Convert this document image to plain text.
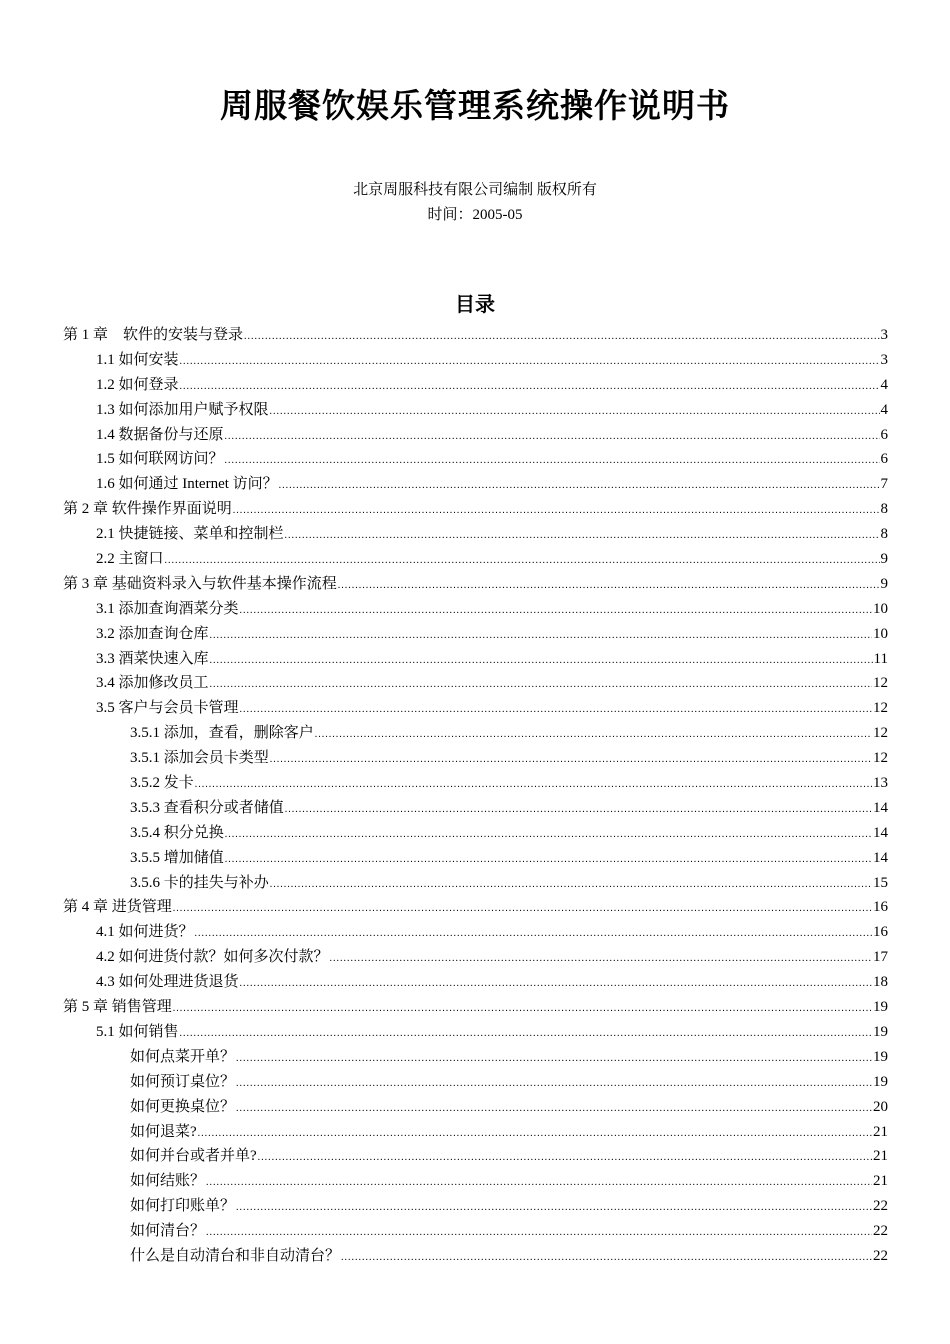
周服餐饮娱乐管理系统操作说明书
北京周服科技有限公司编制 版权所有
时间：2005-05
目录
第 1 章　软件的安装与登录 .....	3
1.1 如何安装 .....	3
1.2 如何登录 .....	4
1.3 如何添加用户赋予权限 .....	4
1.4 数据备份与还原 .....	6
1.5 如何联网访问？ .....	6
1.6 如何通过 Internet 访问？ .....	7
第 2 章 软件操作界面说明 .....	8
2.1 快捷链接、菜单和控制栏 .....	8
2.2 主窗口 .....	9
第 3 章 基础资料录入与软件基本操作流程 .....	9
3.1 添加查询酒菜分类 .....	10
3.2 添加查询仓库 .....	10
3.3 酒菜快速入库 .....	11
3.4 添加修改员工 .....	12
3.5 客户与会员卡管理 .....	12
3.5.1 添加，查看，删除客户 .....	12
3.5.1 添加会员卡类型 .....	12
3.5.2 发卡 .....	13
3.5.3 查看积分或者储值 .....	14
3.5.4 积分兑换 .....	14
3.5.5 增加储值 .....	14
3.5.6 卡的挂失与补办 .....	15
第 4 章 进货管理 .....	16
4.1 如何进货？ .....	16
4.2 如何进货付款？如何多次付款？ .....	17
4.3 如何处理进货退货 .....	18
第 5 章 销售管理 .....	19
5.1 如何销售 .....	19
如何点菜开单？ .....	19
如何预订桌位？ .....	19
如何更换桌位？ .....	20
如何退菜? .....	21
如何并台或者并单? .....	21
如何结账？ .....	21
如何打印账单？ .....	22
如何清台？ .....	22
什么是自动清台和非自动清台？ .....	22
